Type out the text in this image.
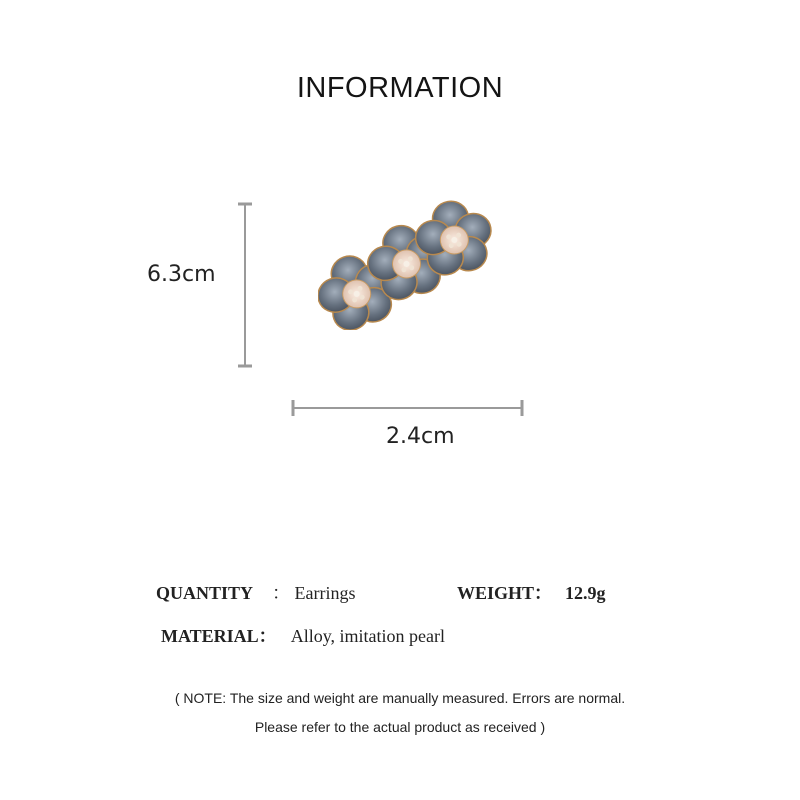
INFORMATION
6.3cm
2.4cm
QUANTITY ： Earrings	WEIGHT： 12.9g
MATERIAL： Alloy, imitation pearl
( NOTE: The size and weight are manually measured. Errors are normal.
Please refer to the actual product as received )
